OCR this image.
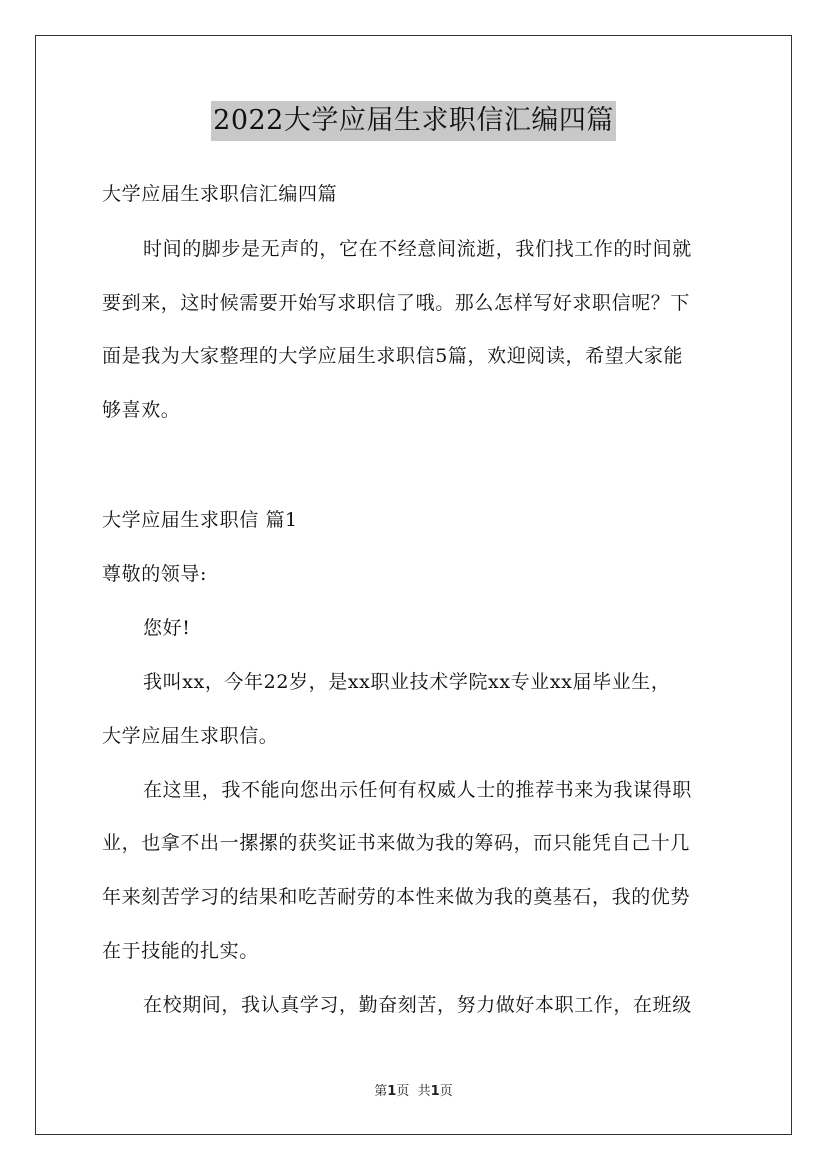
2022大学应届生求职信汇编四篇
大学应届生求职信汇编四篇
时间的脚步是无声的，它在不经意间流逝，我们找工作的时间就
要到来，这时候需要开始写求职信了哦。那么怎样写好求职信呢？下
面是我为大家整理的大学应届生求职信5篇，欢迎阅读，希望大家能
够喜欢。
大学应届生求职信 篇1
尊敬的领导:
您好!
我叫xx，今年22岁，是xx职业技术学院xx专业xx届毕业生，
大学应届生求职信。
在这里，我不能向您出示任何有权威人士的推荐书来为我谋得职
业，也拿不出一摞摞的获奖证书来做为我的筹码，而只能凭自己十几
年来刻苦学习的结果和吃苦耐劳的本性来做为我的奠基石，我的优势
在于技能的扎实。
在校期间，我认真学习，勤奋刻苦，努力做好本职工作，在班级
第1页 共1页
